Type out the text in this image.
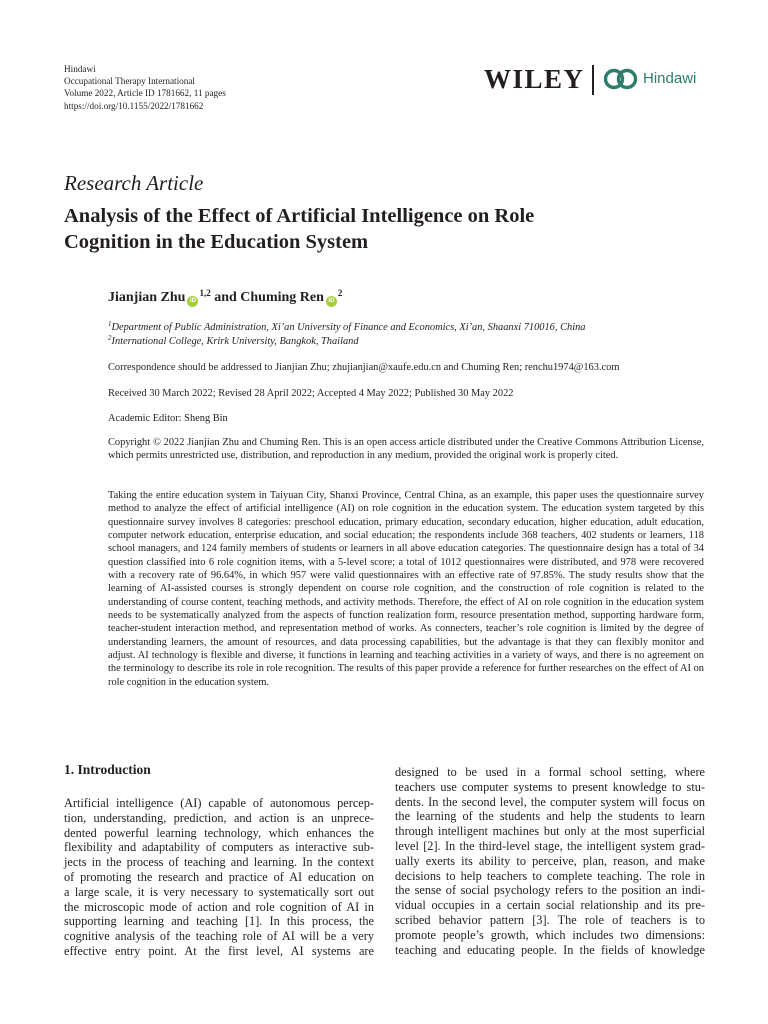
Hindawi
Occupational Therapy International
Volume 2022, Article ID 1781662, 11 pages
https://doi.org/10.1155/2022/1781662
WILEY	Hindawi
Research Article
Analysis of the Effect of Artificial Intelligence on Role
Cognition in the Education System
Jianjian Zhu iD$^{1,2}$ and Chuming Ren $iD^2$
$^1$Department of Public Administration, Xi’an University of Finance and Economics, Xi’an, Shaanxi 710016, China
$^2$International College, Krirk University, Bangkok, Thailand
Correspondence should be addressed to Jianjian Zhu; zhujianjian@xaufe.edu.cn and Chuming Ren; renchu1974@163.com
Received 30 March 2022; Revised 28 April 2022; Accepted 4 May 2022; Published 30 May 2022
Academic Editor: Sheng Bin
Copyright © 2022 Jianjian Zhu and Chuming Ren. This is an open access article distributed under the Creative Commons Attribution License, which permits unrestricted use, distribution, and reproduction in any medium, provided the original work is properly cited.
Taking the entire education system in Taiyuan City, Shanxi Province, Central China, as an example, this paper uses the questionnaire survey method to analyze the effect of artificial intelligence (AI) on role cognition in the education system. The education system targeted by this questionnaire survey involves 8 categories: preschool education, primary education, secondary education, higher education, adult education, computer network education, enterprise education, and social education; the respondents include 368 teachers, 402 students or learners, 118 school managers, and 124 family members of students or learners in all above education categories. The questionnaire design has a total of 34 question classified into 6 role cognition items, with a 5-level score; a total of 1012 questionnaires were distributed, and 978 were recovered with a recovery rate of 96.64%, in which 957 were valid questionnaires with an effective rate of 97.85%. The study results show that the learning of AI-assisted courses is strongly dependent on course role cognition, and the construction of role cognition is related to the understanding of course content, teaching methods, and activity methods. Therefore, the effect of AI on role cognition in the education system needs to be systematically analyzed from the aspects of function realization form, resource presentation method, supporting hardware form, teacher-student interaction method, and representation method of works. As connecters, teacher’s role cognition is limited by the degree of understanding learners, the amount of resources, and data processing capabilities, but the advantage is that they can flexibly monitor and adjust. AI technology is flexible and diverse, it functions in learning and teaching activities in a variety of ways, and there is no agreement on the terminology to describe its role in role recognition. The results of this paper provide a reference for further researches on the effect of AI on role cognition in the education system.
1. Introduction
Artificial intelligence (AI) capable of autonomous percep-
tion, understanding, prediction, and action is an unprece-
dented powerful learning technology, which enhances the
flexibility and adaptability of computers as interactive sub-
jects in the process of teaching and learning. In the context
of promoting the research and practice of AI education on
a large scale, it is very necessary to systematically sort out
the microscopic mode of action and role cognition of AI in
supporting learning and teaching [1]. In this process, the
cognitive analysis of the teaching role of AI will be a very
effective entry point. At the first level, AI systems are
designed to be used in a formal school setting, where
teachers use computer systems to present knowledge to stu-
dents. In the second level, the computer system will focus on
the learning of the students and help the students to learn
through intelligent machines but only at the most superficial
level [2]. In the third-level stage, the intelligent system grad-
ually exerts its ability to perceive, plan, reason, and make
decisions to help teachers to complete teaching. The role in
the sense of social psychology refers to the position an indi-
vidual occupies in a certain social relationship and its pre-
scribed behavior pattern [3]. The role of teachers is to
promote people’s growth, which includes two dimensions:
teaching and educating people. In the fields of knowledge
